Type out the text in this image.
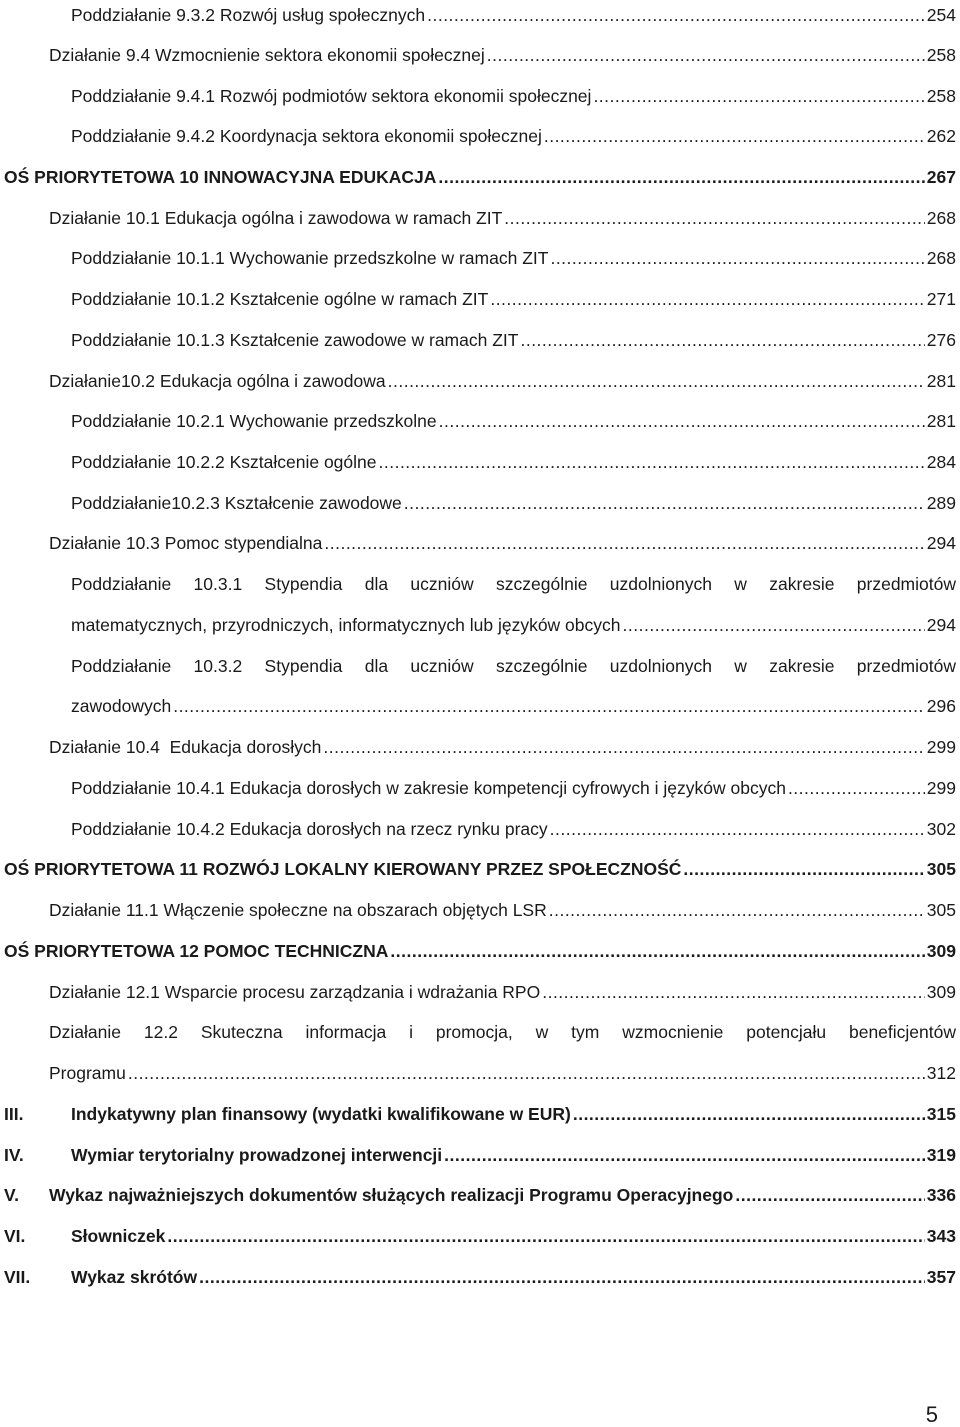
Poddziałanie 9.3.2 Rozwój usług społecznych .....	254
Działanie 9.4 Wzmocnienie sektora ekonomii społecznej .....	258
Poddziałanie 9.4.1 Rozwój podmiotów sektora ekonomii społecznej .....	258
Poddziałanie 9.4.2 Koordynacja sektora ekonomii społecznej .....	262
OŚ PRIORYTETOWA 10 INNOWACYJNA EDUKACJA .....	267
Działanie 10.1 Edukacja ogólna i zawodowa w ramach ZIT .....	268
Poddziałanie 10.1.1 Wychowanie przedszkolne w ramach ZIT .....	268
Poddziałanie 10.1.2 Kształcenie ogólne w ramach ZIT .....	271
Poddziałanie 10.1.3 Kształcenie zawodowe w ramach ZIT .....	276
Działanie10.2 Edukacja ogólna i zawodowa .....	281
Poddziałanie 10.2.1 Wychowanie przedszkolne .....	281
Poddziałanie 10.2.2 Kształcenie ogólne .....	284
Poddziałanie10.2.3 Kształcenie zawodowe .....	289
Działanie 10.3 Pomoc stypendialna .....	294
Poddziałanie 10.3.1 Stypendia dla uczniów szczególnie uzdolnionych w zakresie przedmiotów
matematycznych, przyrodniczych, informatycznych lub języków obcych .....	294
Poddziałanie 10.3.2 Stypendia dla uczniów szczególnie uzdolnionych w zakresie przedmiotów
zawodowych .....	296
Działanie 10.4  Edukacja dorosłych .....	299
Poddziałanie 10.4.1 Edukacja dorosłych w zakresie kompetencji cyfrowych i języków obcych .....	299
Poddziałanie 10.4.2 Edukacja dorosłych na rzecz rynku pracy .....	302
OŚ PRIORYTETOWA 11 ROZWÓJ LOKALNY KIEROWANY PRZEZ SPOŁECZNOŚĆ .....	305
Działanie 11.1 Włączenie społeczne na obszarach objętych LSR .....	305
OŚ PRIORYTETOWA 12 POMOC TECHNICZNA .....	309
Działanie 12.1 Wsparcie procesu zarządzania i wdrażania RPO .....	309
Działanie 12.2 Skuteczna informacja i promocja, w tym wzmocnienie potencjału beneficjentów
Programu .....	312
III.	Indykatywny plan finansowy (wydatki kwalifikowane w EUR) .....	315
IV.	Wymiar terytorialny prowadzonej interwencji .....	319
V. Wykaz najważniejszych dokumentów służących realizacji Programu Operacyjnego .....	336
VI.	Słowniczek .....	343
VII. Wykaz skrótów .....	357
5
